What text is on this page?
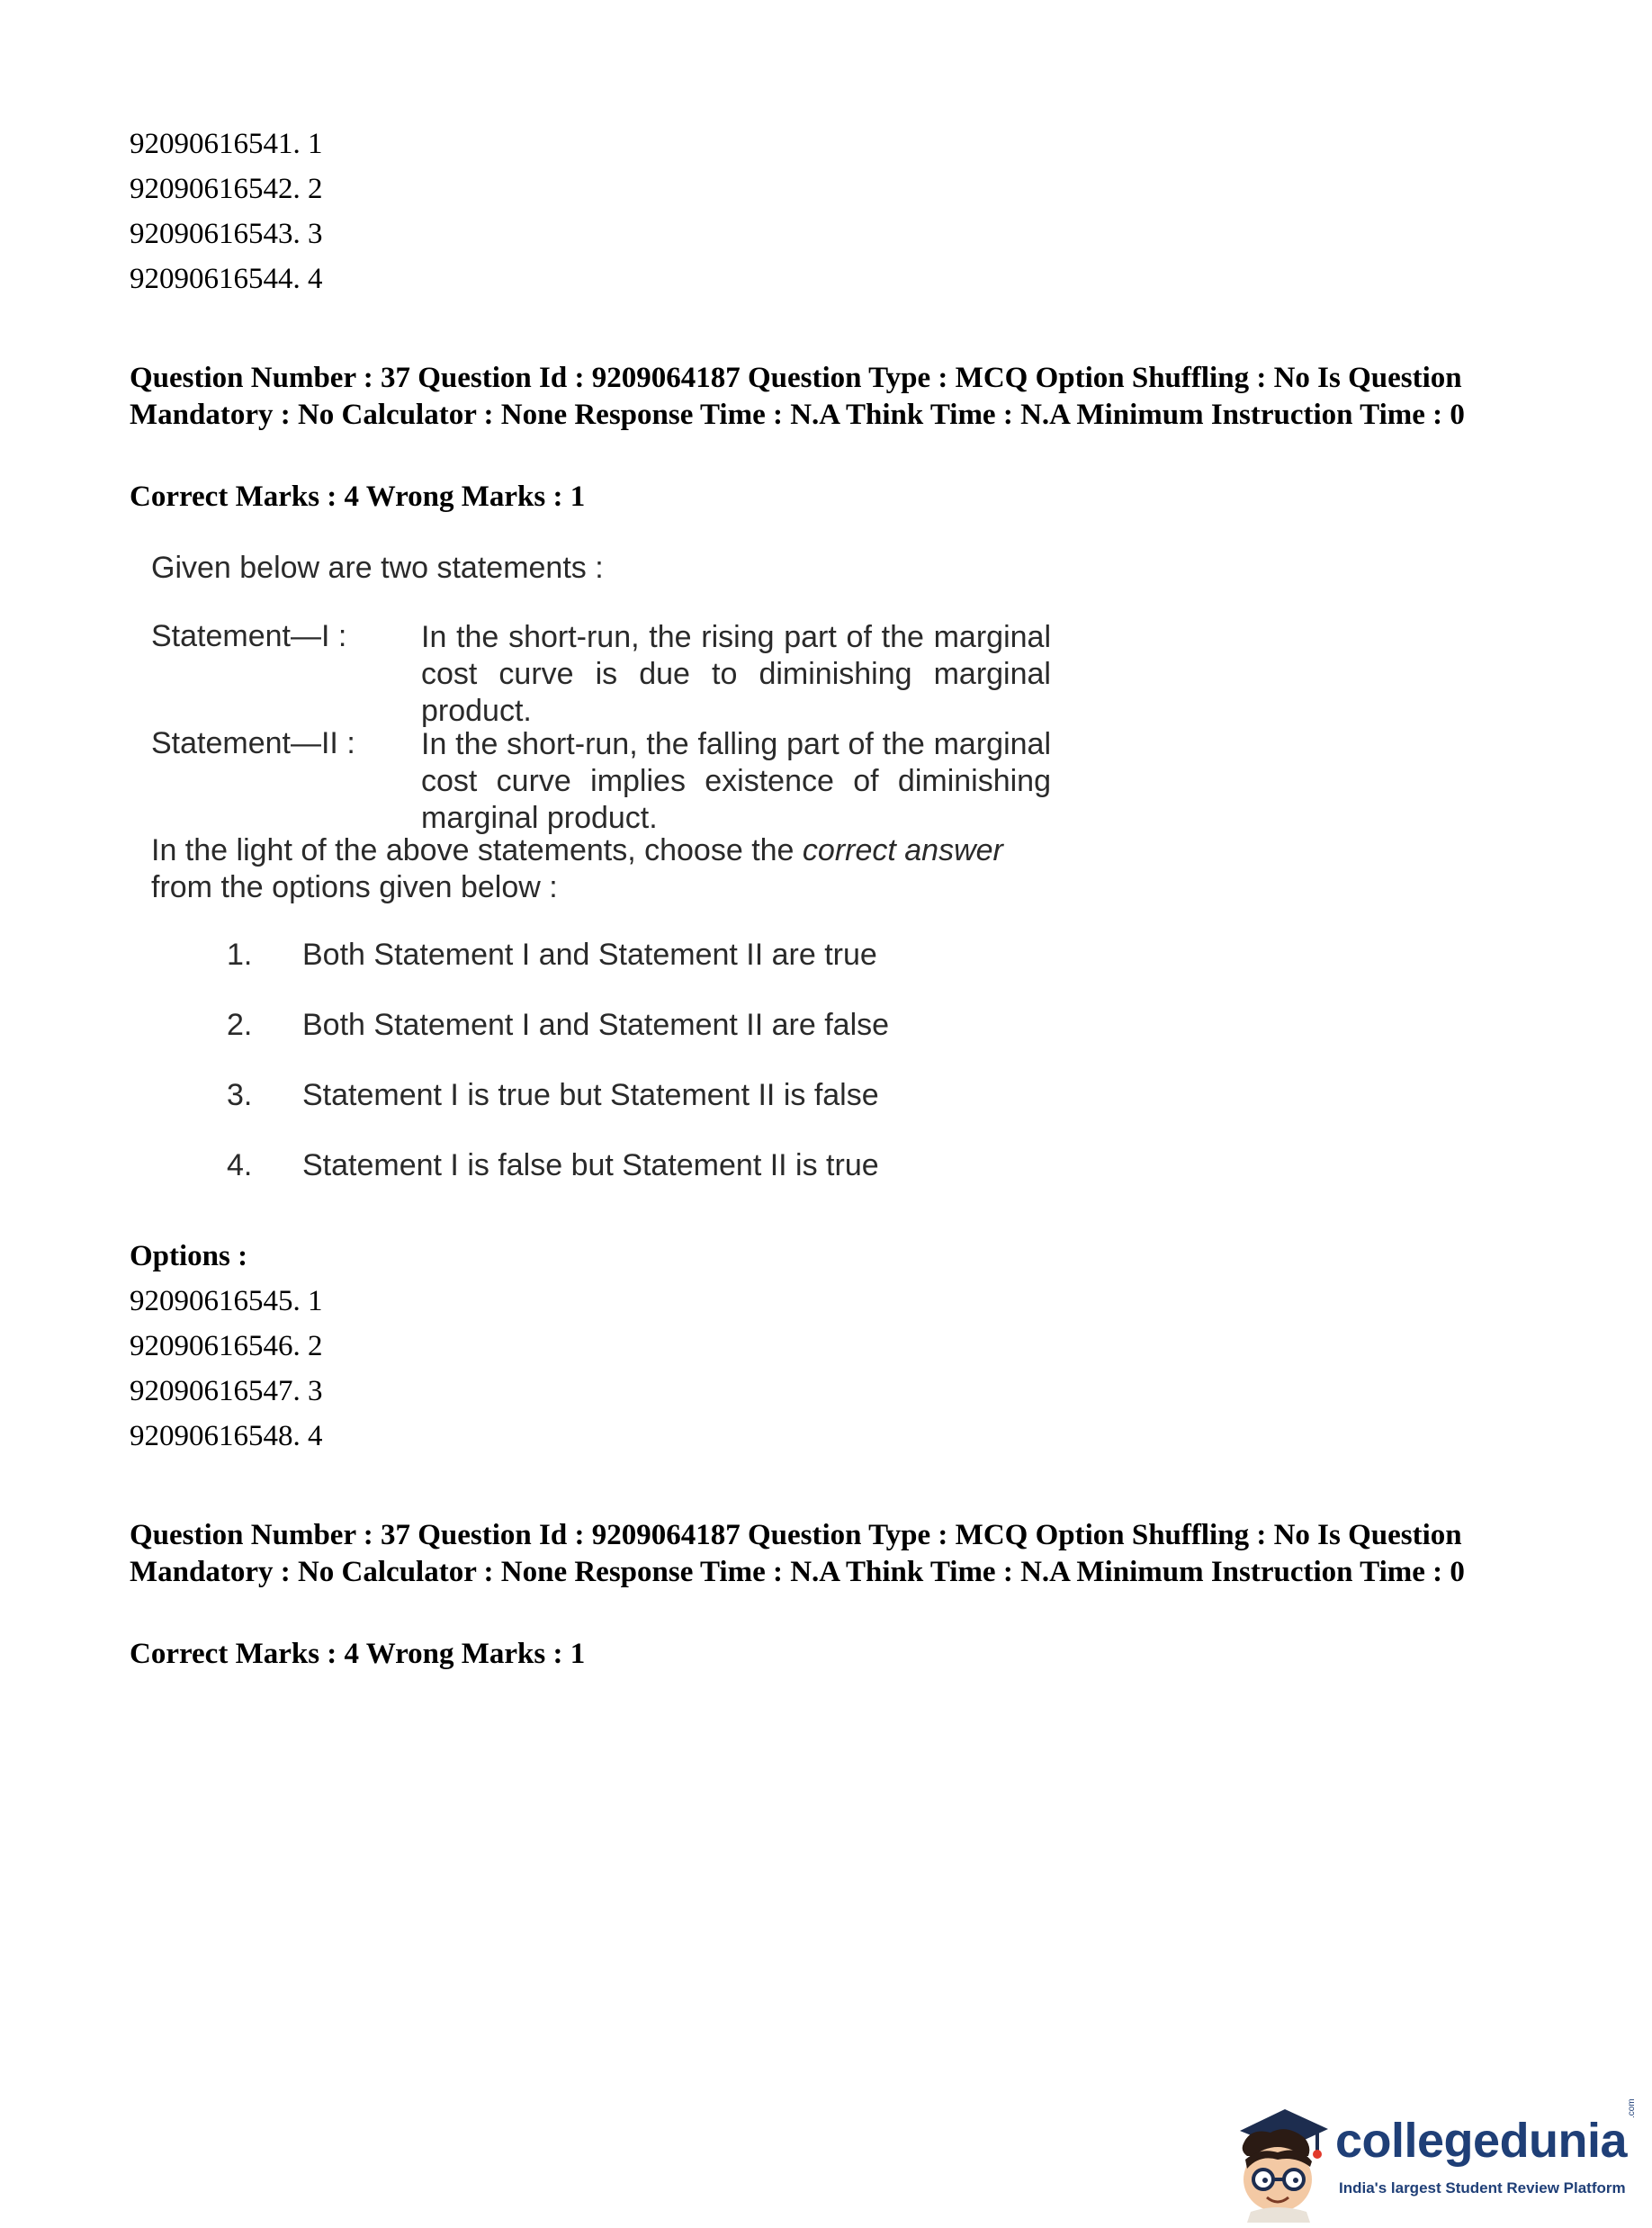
92090616541. 1
92090616542. 2
92090616543. 3
92090616544. 4
Question Number : 37 Question Id : 9209064187 Question Type : MCQ Option Shuffling : No Is Question Mandatory : No Calculator : None Response Time : N.A Think Time : N.A Minimum Instruction Time : 0
Correct Marks : 4 Wrong Marks : 1
Given below are two statements :
Statement—I : In the short-run, the rising part of the marginal cost curve is due to diminishing marginal product.
Statement—II : In the short-run, the falling part of the marginal cost curve implies existence of diminishing marginal product.
In the light of the above statements, choose the correct answer from the options given below :
1. Both Statement I and Statement II are true
2. Both Statement I and Statement II are false
3. Statement I is true but Statement II is false
4. Statement I is false but Statement II is true
Options :
92090616545. 1
92090616546. 2
92090616547. 3
92090616548. 4
Question Number : 37 Question Id : 9209064187 Question Type : MCQ Option Shuffling : No Is Question Mandatory : No Calculator : None Response Time : N.A Think Time : N.A Minimum Instruction Time : 0
Correct Marks : 4 Wrong Marks : 1
collegedunia
.com
India's largest Student Review Platform
